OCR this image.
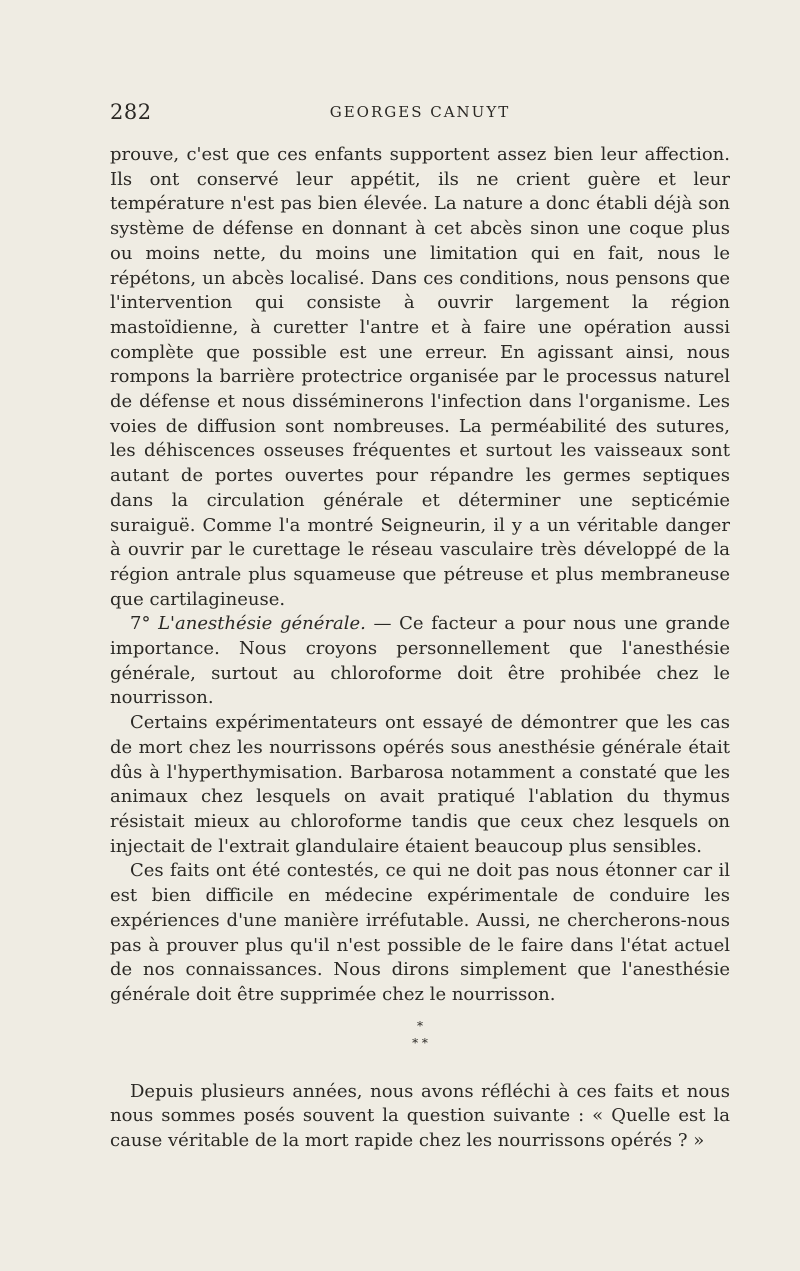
282	GEORGES CANUYT

prouve, c'est que ces enfants supportent assez bien leur affection. Ils ont conservé leur appétit, ils ne crient guère et leur température n'est pas bien élevée. La nature a donc établi déjà son système de défense en donnant à cet abcès sinon une coque plus ou moins nette, du moins une limitation qui en fait, nous le répétons, un abcès localisé. Dans ces conditions, nous pensons que l'intervention qui consiste à ouvrir largement la région mastoïdienne, à curetter l'antre et à faire une opération aussi complète que possible est une erreur. En agissant ainsi, nous rompons la barrière protectrice organisée par le processus naturel de défense et nous disséminerons l'infection dans l'organisme. Les voies de diffusion sont nombreuses. La perméabilité des sutures, les déhiscences osseuses fréquentes et surtout les vaisseaux sont autant de portes ouvertes pour répandre les germes septiques dans la circulation générale et déterminer une septicémie suraiguë. Comme l'a montré Seigneurin, il y a un véritable danger à ouvrir par le curettage le réseau vasculaire très développé de la région antrale plus squameuse que pétreuse et plus membraneuse que cartilagineuse.

7° L'anesthésie générale. — Ce facteur a pour nous une grande importance. Nous croyons personnellement que l'anesthésie générale, surtout au chloroforme doit être prohibée chez le nourrisson.

Certains expérimentateurs ont essayé de démontrer que les cas de mort chez les nourrissons opérés sous anesthésie générale était dûs à l'hyperthymisation. Barbarosa notamment a constaté que les animaux chez lesquels on avait pratiqué l'ablation du thymus résistait mieux au chloroforme tandis que ceux chez lesquels on injectait de l'extrait glandulaire étaient beaucoup plus sensibles.

Ces faits ont été contestés, ce qui ne doit pas nous étonner car il est bien difficile en médecine expérimentale de conduire les expériences d'une manière irréfutable. Aussi, ne chercherons-nous pas à prouver plus qu'il n'est possible de le faire dans l'état actuel de nos connaissances. Nous dirons simplement que l'anesthésie générale doit être supprimée chez le nourrisson.

*
* *

Depuis plusieurs années, nous avons réfléchi à ces faits et nous nous sommes posés souvent la question suivante : « Quelle est la cause véritable de la mort rapide chez les nourrissons opérés ? »
